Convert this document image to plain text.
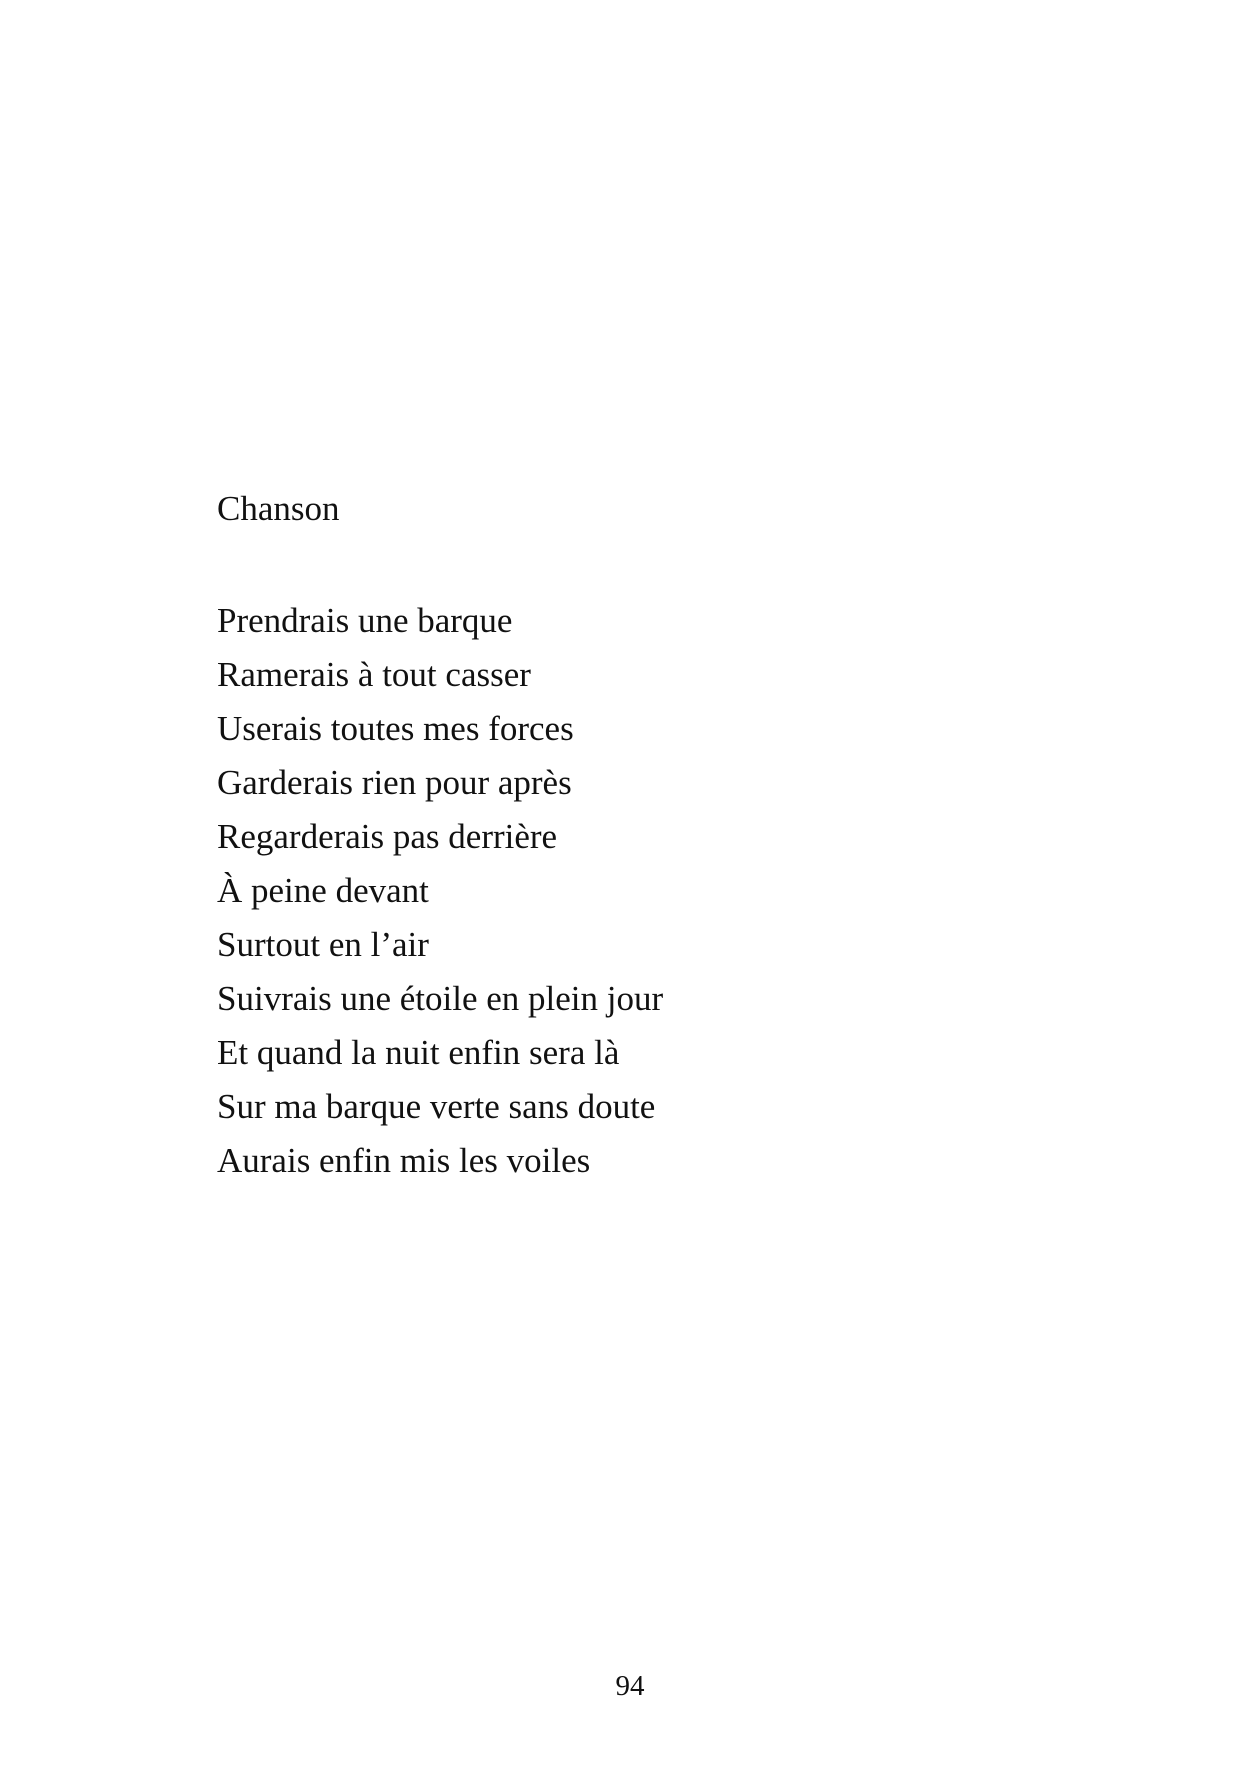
Chanson
Prendrais une barque
Ramerais à tout casser
Userais toutes mes forces
Garderais rien pour après
Regarderais pas derrière
À peine devant
Surtout en l’air
Suivrais une étoile en plein jour
Et quand la nuit enfin sera là
Sur ma barque verte sans doute
Aurais enfin mis les voiles
94
